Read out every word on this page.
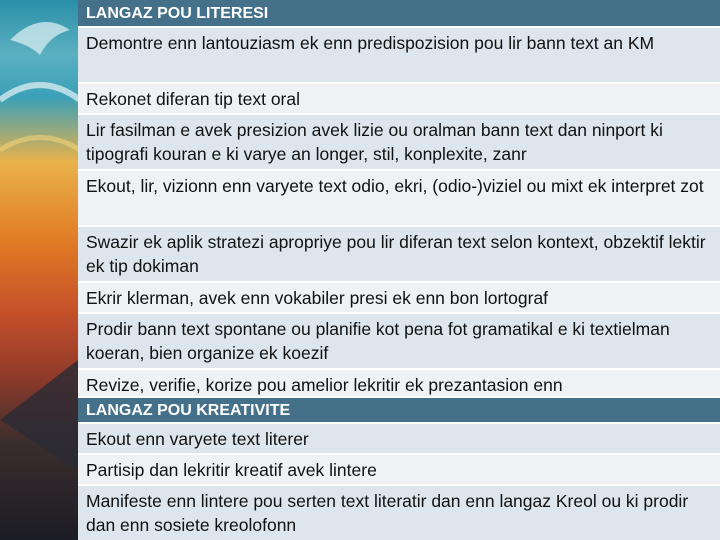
LANGAZ POU LITERESI
Demontre enn lantouziasm ek enn predispozision pou lir bann text an KM
Rekonet diferan tip text oral
Lir fasilman e avek presizion avek lizie ou oralman bann text dan ninport ki tipografi kouran e ki varye an longer, stil, konplexite, zanr
Ekout, lir, vizionn enn varyete text odio, ekri, (odio-)viziel ou mixt ek interpret zot
Swazir ek aplik stratezi apropriye pou lir diferan text selon kontext, obzektif lektir ek tip dokiman
Ekrir klerman, avek enn vokabiler presi ek enn bon lortograf
Prodir bann text spontane ou planifie kot pena fot gramatikal e ki textielman koeran, bien organize ek koezif
Revize, verifie, korize pou amelior lekritir ek prezantasion enn
LANGAZ POU KREATIVITE
Ekout enn varyete text literer
Partisip dan lekritir kreatif avek lintere
Manifeste enn lintere pou serten text literatir dan enn langaz Kreol ou ki prodir dan enn sosiete kreolofonn
